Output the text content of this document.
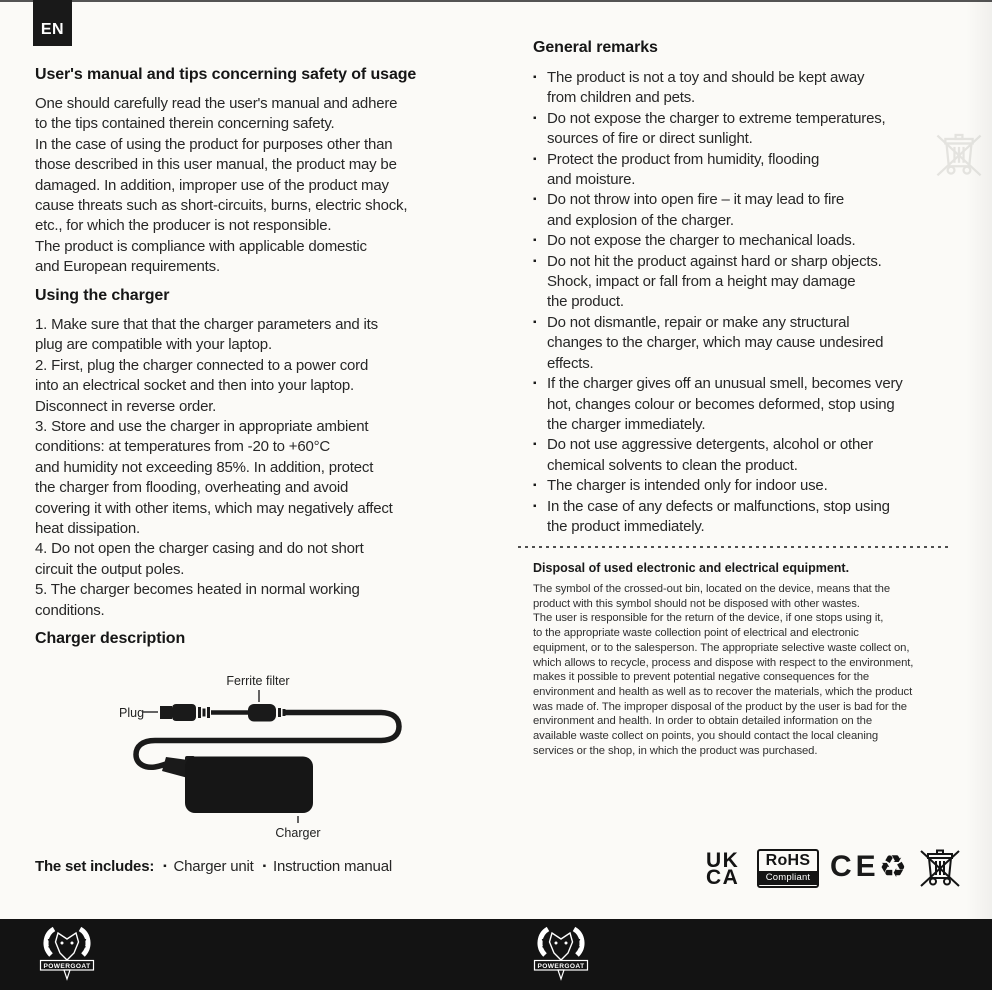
EN
User's manual and tips concerning safety of usage
One should carefully read the user's manual and adhere
to the tips contained therein concerning safety.
In the case of using the product for purposes other than
those described in this user manual, the product may be
damaged. In addition, improper use of the product may
cause threats such as short-circuits, burns, electric shock,
etc., for which the producer is not responsible.
The product is compliance with applicable domestic
and European requirements.
Using the charger
1. Make sure that that the charger parameters and its
plug are compatible with your laptop.
2. First, plug the charger connected to a power cord
into an electrical socket and then into your laptop.
Disconnect in reverse order.
3. Store and use the charger in appropriate ambient
conditions: at temperatures from -20 to +60°C
and humidity not exceeding 85%. In addition, protect
the charger from flooding, overheating and avoid
covering it with other items, which may negatively affect
heat dissipation.
4. Do not open the charger casing and do not short
circuit the output poles.
5. The charger becomes heated in normal working
conditions.
Charger description
Ferrite filter
Plug
Charger
The set includes: ▪ Charger unit ▪ Instruction manual
General remarks
▪ The product is not a toy and should be kept away
from children and pets.
▪ Do not expose the charger to extreme temperatures,
sources of fire or direct sunlight.
▪ Protect the product from humidity, flooding
and moisture.
▪ Do not throw into open fire – it may lead to fire
and explosion of the charger.
▪ Do not expose the charger to mechanical loads.
▪ Do not hit the product against hard or sharp objects.
Shock, impact or fall from a height may damage
the product.
▪ Do not dismantle, repair or make any structural
changes to the charger, which may cause undesired
effects.
▪ If the charger gives off an unusual smell, becomes very
hot, changes colour or becomes deformed, stop using
the charger immediately.
▪ Do not use aggressive detergents, alcohol or other
chemical solvents to clean the product.
▪ The charger is intended only for indoor use.
▪ In the case of any defects or malfunctions, stop using
the product immediately.
Disposal of used electronic and electrical equipment.
The symbol of the crossed-out bin, located on the device, means that the
product with this symbol should not be disposed with other wastes.
The user is responsible for the return of the device, if one stops using it,
to the appropriate waste collection point of electrical and electronic
equipment, or to the salesperson. The appropriate selective waste collect on,
which allows to recycle, process and dispose with respect to the environment,
makes it possible to prevent potential negative consequences for the
environment and health as well as to recover the materials, which the product
was made of. The improper disposal of the product by the user is bad for the
environment and health. In order to obtain detailed information on the
available waste collect on points, you should contact the local cleaning
services or the shop, in which the product was purchased.
UK
CA
RoHS
Compliant CE ♻
POWERGOAT	POWERGOAT
